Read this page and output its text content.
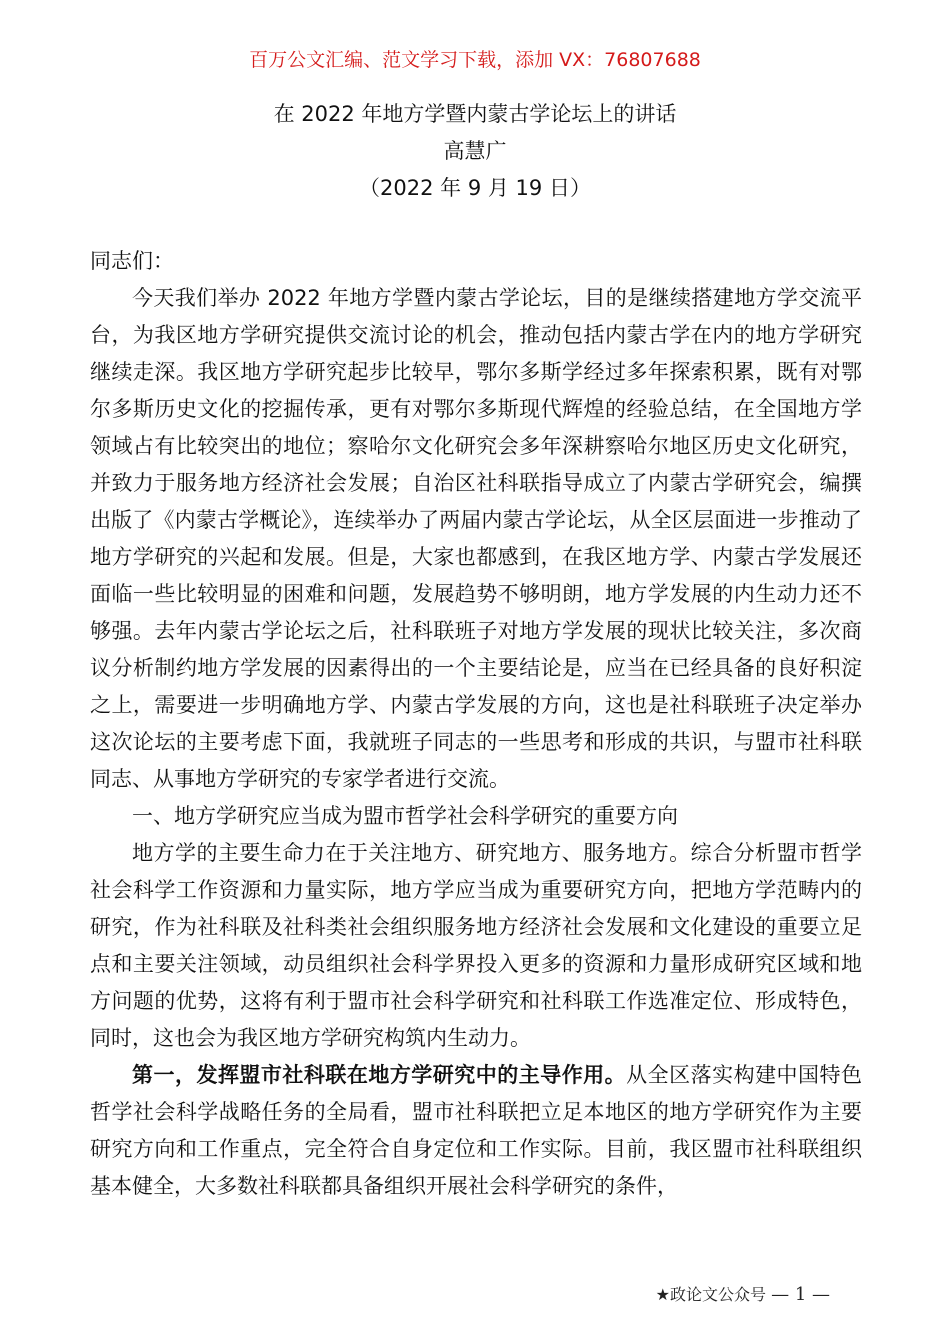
百万公文汇编、范文学习下载，添加 VX：76807688
在 2022 年地方学暨内蒙古学论坛上的讲话
高慧广
（2022 年 9 月 19 日）

同志们：

今天我们举办 2022 年地方学暨内蒙古学论坛，目的是继续搭建地方学交流平台，为我区地方学研究提供交流讨论的机会，推动包括内蒙古学在内的地方学研究继续走深。我区地方学研究起步比较早，鄂尔多斯学经过多年探索积累，既有对鄂尔多斯历史文化的挖掘传承，更有对鄂尔多斯现代辉煌的经验总结，在全国地方学领域占有比较突出的地位；察哈尔文化研究会多年深耕察哈尔地区历史文化研究，并致力于服务地方经济社会发展；自治区社科联指导成立了内蒙古学研究会，编撰出版了《内蒙古学概论》，连续举办了两届内蒙古学论坛，从全区层面进一步推动了地方学研究的兴起和发展。但是，大家也都感到，在我区地方学、内蒙古学发展还面临一些比较明显的困难和问题，发展趋势不够明朗，地方学发展的内生动力还不够强。去年内蒙古学论坛之后，社科联班子对地方学发展的现状比较关注，多次商议分析制约地方学发展的因素得出的一个主要结论是，应当在已经具备的良好积淀之上，需要进一步明确地方学、内蒙古学发展的方向，这也是社科联班子决定举办这次论坛的主要考虑下面，我就班子同志的一些思考和形成的共识，与盟市社科联同志、从事地方学研究的专家学者进行交流。

一、地方学研究应当成为盟市哲学社会科学研究的重要方向

地方学的主要生命力在于关注地方、研究地方、服务地方。综合分析盟市哲学社会科学工作资源和力量实际，地方学应当成为重要研究方向，把地方学范畴内的研究，作为社科联及社科类社会组织服务地方经济社会发展和文化建设的重要立足点和主要关注领域，动员组织社会科学界投入更多的资源和力量形成研究区域和地方问题的优势，这将有利于盟市社会科学研究和社科联工作选准定位、形成特色，同时，这也会为我区地方学研究构筑内生动力。

第一，发挥盟市社科联在地方学研究中的主导作用。从全区落实构建中国特色哲学社会科学战略任务的全局看，盟市社科联把立足本地区的地方学研究作为主要研究方向和工作重点，完全符合自身定位和工作实际。目前，我区盟市社科联组织基本健全，大多数社科联都具备组织开展社会科学研究的条件，

★政论文公众号 — 1 —
